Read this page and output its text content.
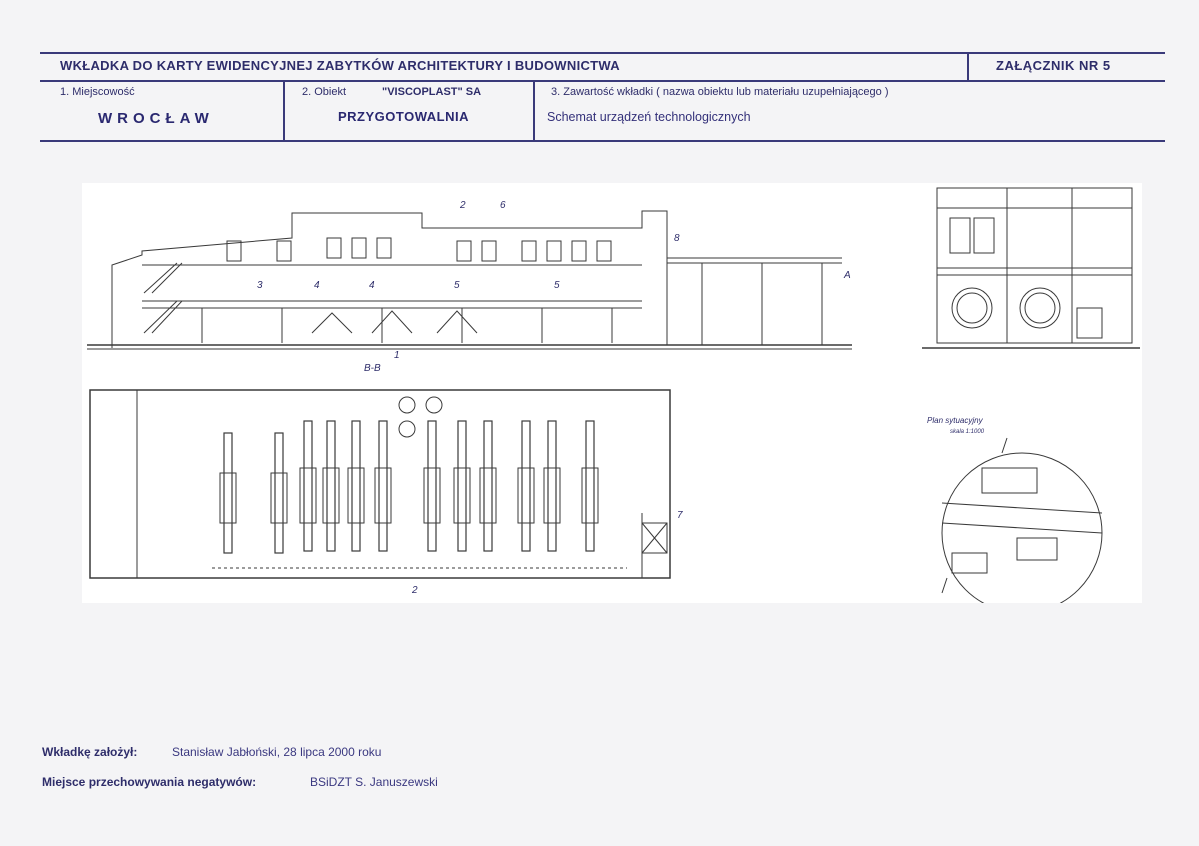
WKŁADKA DO KARTY EWIDENCYJNEJ ZABYTKÓW ARCHITEKTURY I BUDOWNICTWA	ZAŁĄCZNIK NR 5
1. Miejscowość
WROCŁAW
2. Obiekt	"VISCOPLAST" SA
PRZYGOTOWALNIA
3. Zawartość wkładki ( nazwa obiektu lub materiału uzupełniającego )
Schemat urządzeń technologicznych
B-B
2	6
3	4	4	5	5
1
8
A
2
7
Plan sytuacyjny
skala 1:1000
Wkładkę założył:	Stanisław Jabłoński, 28 lipca 2000 roku
Miejsce przechowywania negatywów:	BSiDZT S. Januszewski
